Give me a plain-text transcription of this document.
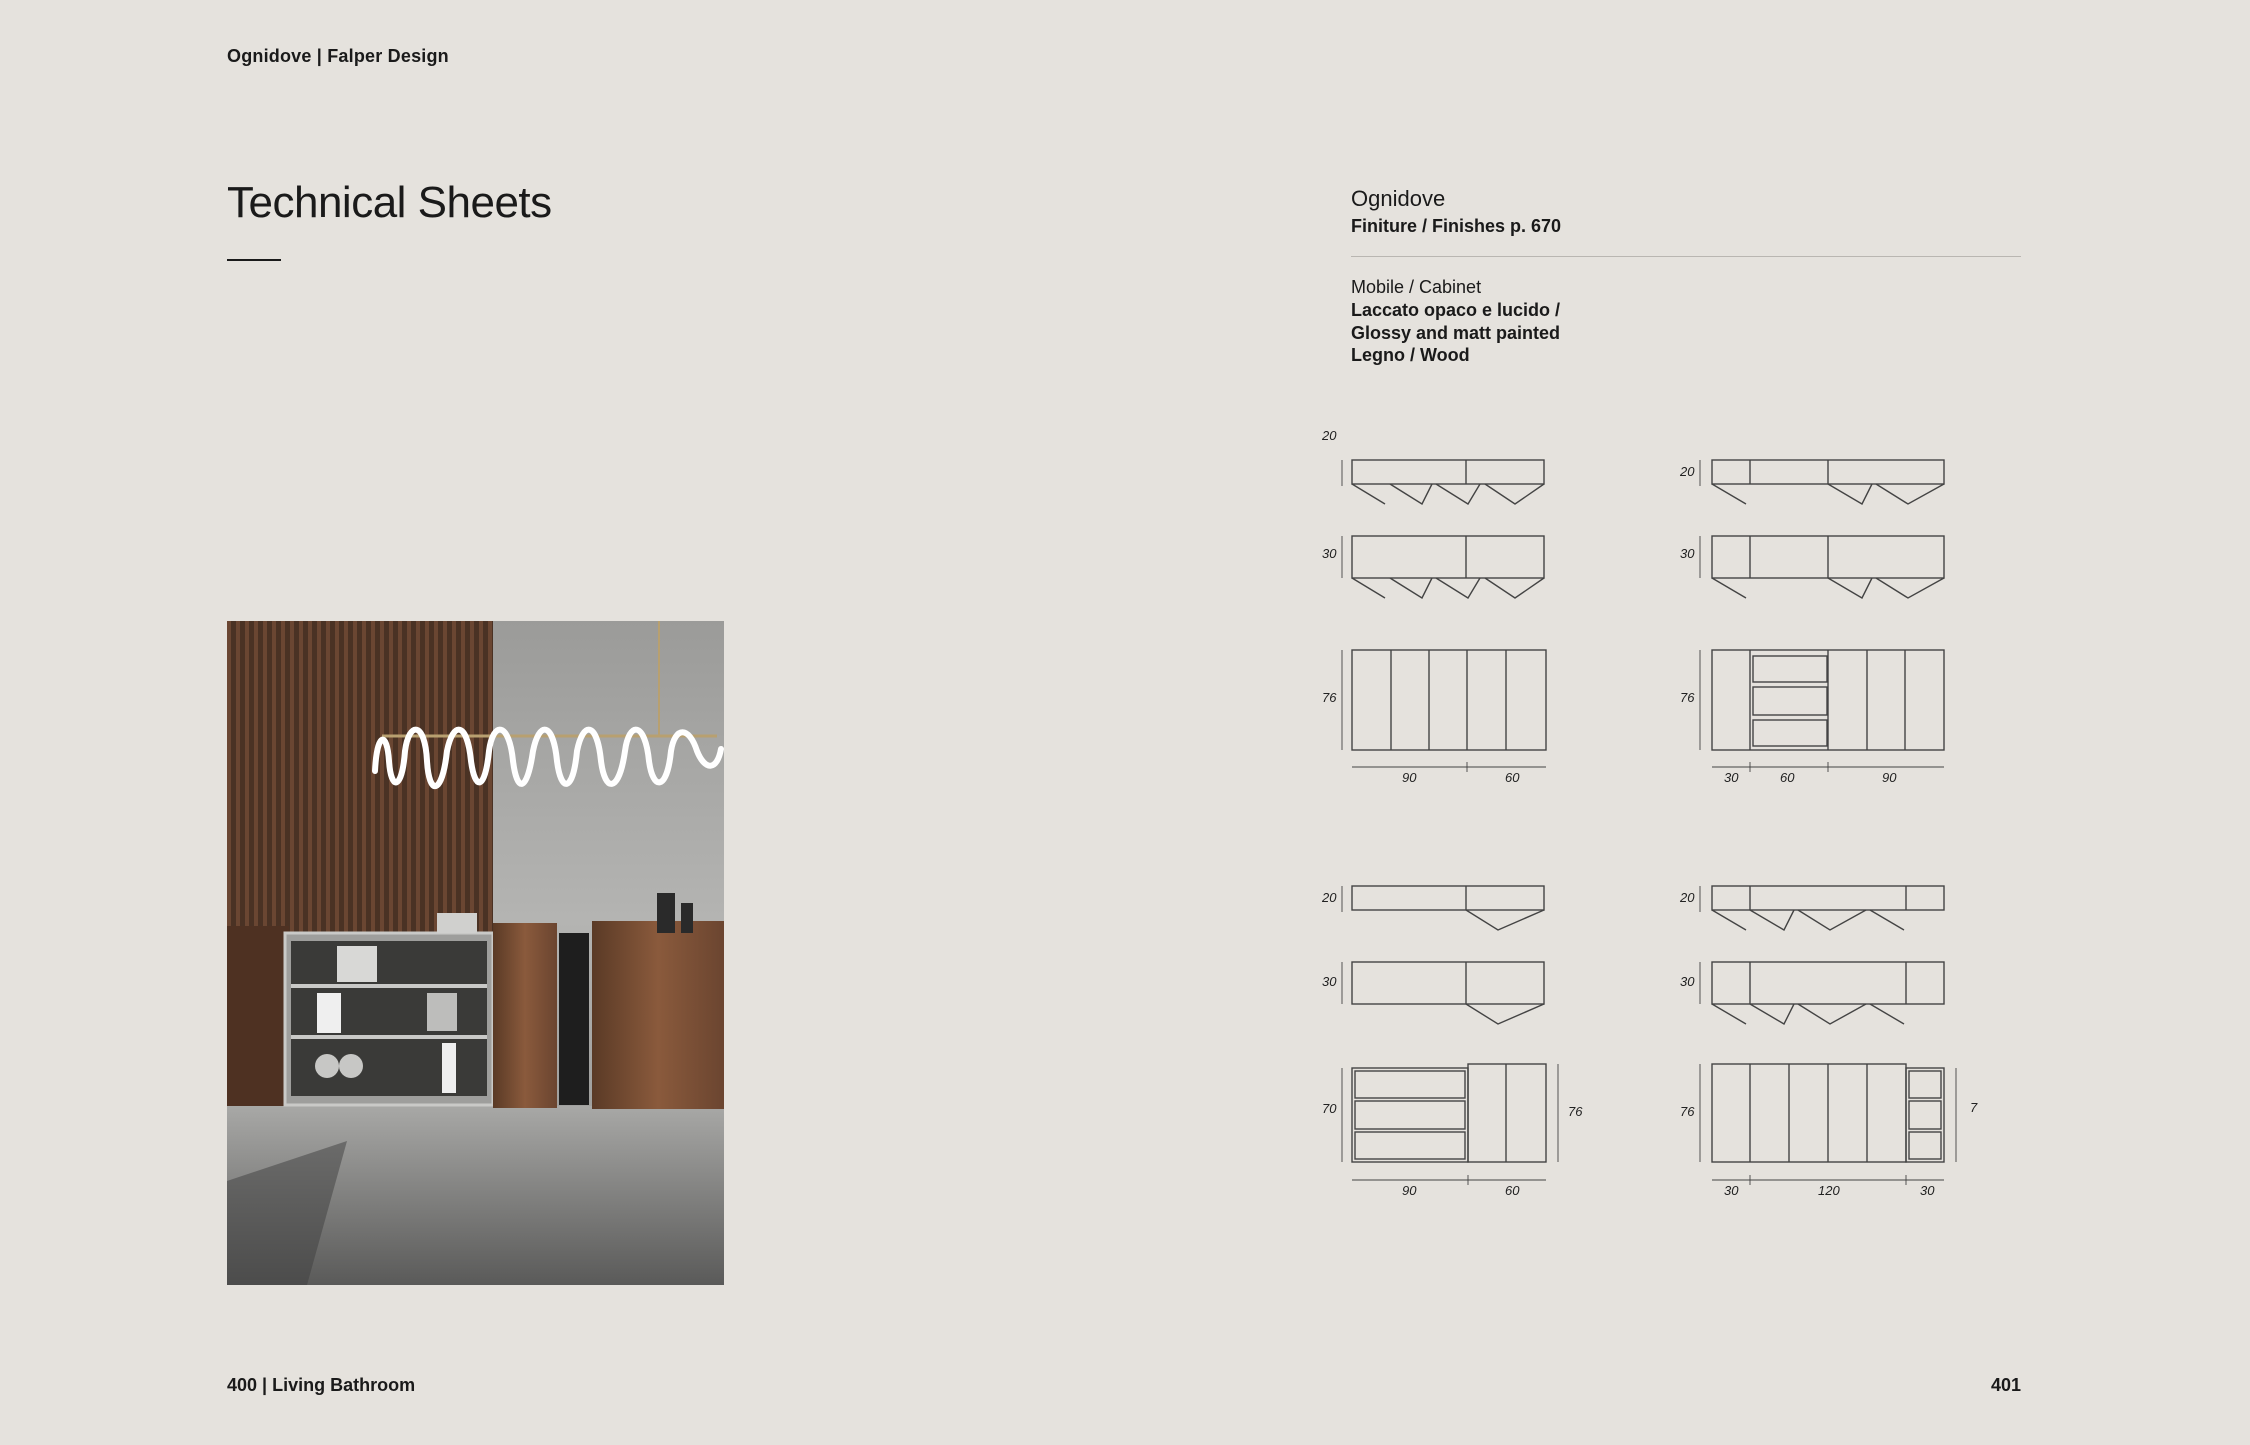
Ognidove | Falper Design
Technical Sheets	Ognidove
Finiture / Finishes p. 670
Mobile / Cabinet
Laccato opaco e lucido /
Glossy and matt painted
Legno / Wood
20
30
76
90	60
20
30
76
30	60	90
20
30
70	76
90	60
20
30
76	7
30	120	30
400 | Living Bathroom	401
